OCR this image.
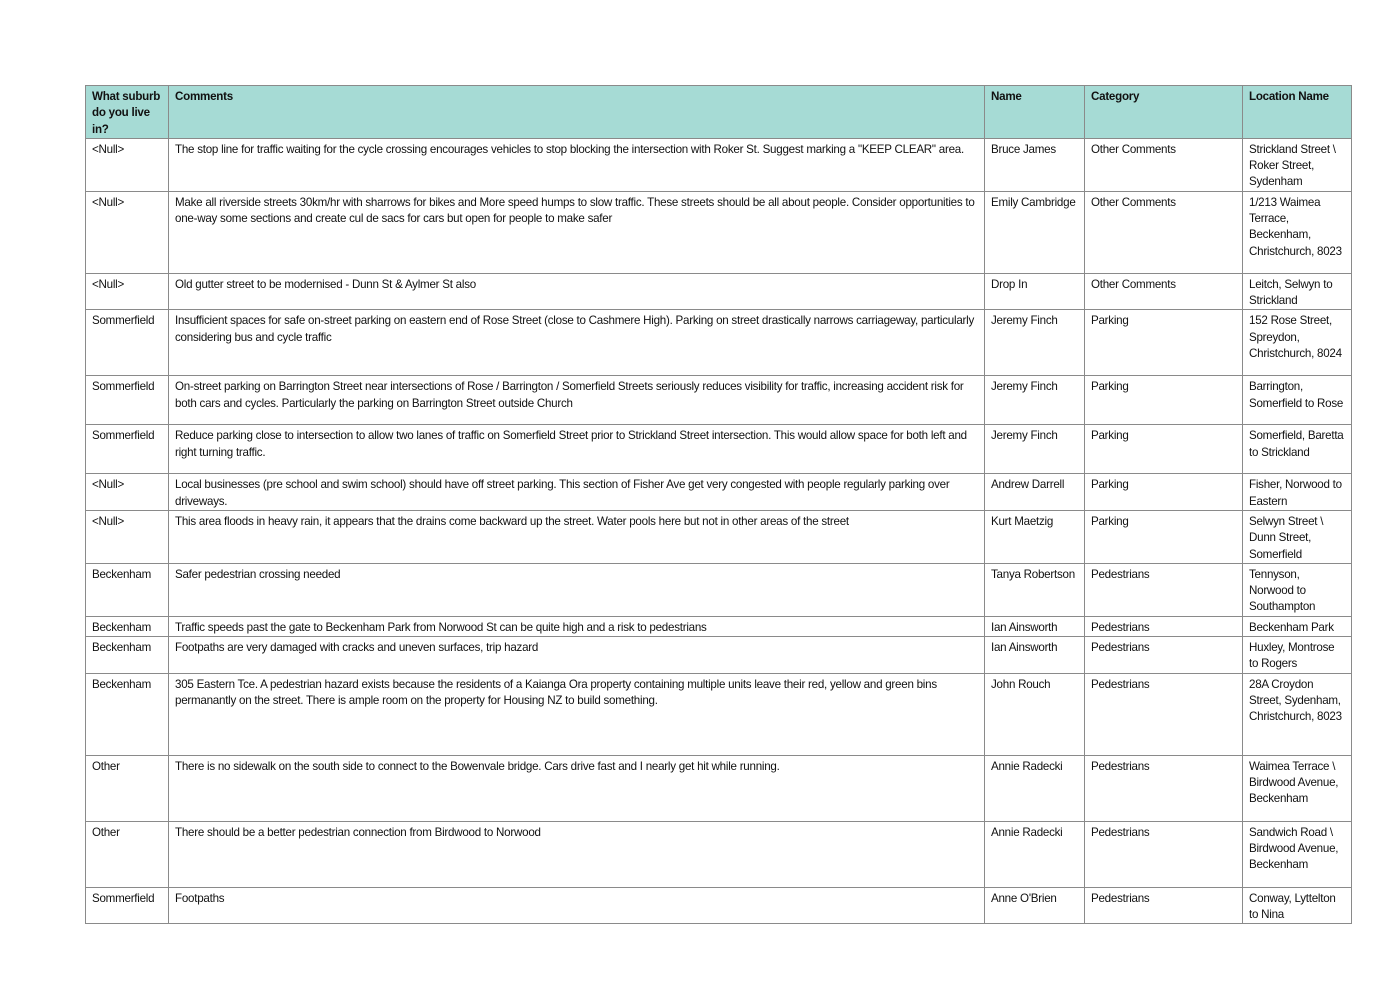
What suburb do you live in?	Comments	Name	Category	Location Name
<Null>	The stop line for traffic waiting for the cycle crossing encourages vehicles to stop blocking the intersection with Roker St. Suggest marking a "KEEP CLEAR" area.	Bruce James	Other Comments	Strickland Street \ Roker Street, Sydenham
<Null>	Make all riverside streets 30km/hr with sharrows for bikes and More speed humps to slow traffic. These streets should be all about people. Consider opportunities to one-way some sections and create cul de sacs for cars but open for people to make safer	Emily Cambridge	Other Comments	1/213 Waimea Terrace, Beckenham, Christchurch, 8023
<Null>	Old gutter street to be modernised - Dunn St & Aylmer St also	Drop In	Other Comments	Leitch, Selwyn to Strickland
Sommerfield	Insufficient spaces for safe on-street parking on eastern end of Rose Street (close to Cashmere High). Parking on street drastically narrows carriageway, particularly considering bus and cycle traffic	Jeremy Finch	Parking	152 Rose Street, Spreydon, Christchurch, 8024
Sommerfield	On-street parking on Barrington Street near intersections of Rose / Barrington / Somerfield Streets seriously reduces visibility for traffic, increasing accident risk for both cars and cycles. Particularly the parking on Barrington Street outside Church	Jeremy Finch	Parking	Barrington, Somerfield to Rose
Sommerfield	Reduce parking close to intersection to allow two lanes of traffic on Somerfield Street prior to Strickland Street intersection. This would allow space for both left and right turning traffic.	Jeremy Finch	Parking	Somerfield, Baretta to Strickland
<Null>	Local businesses (pre school and swim school) should have off street parking. This section of Fisher Ave get very congested with people regularly parking over driveways.	Andrew Darrell	Parking	Fisher, Norwood to Eastern
<Null>	This area floods in heavy rain, it appears that the drains come backward up the street. Water pools here but not in other areas of the street	Kurt Maetzig	Parking	Selwyn Street \ Dunn Street, Somerfield
Beckenham	Safer pedestrian crossing needed	Tanya Robertson	Pedestrians	Tennyson, Norwood to Southampton
Beckenham	Traffic speeds past the gate to Beckenham Park from Norwood St can be quite high and a risk to pedestrians	Ian Ainsworth	Pedestrians	Beckenham Park
Beckenham	Footpaths are very damaged with cracks and uneven surfaces, trip hazard	Ian Ainsworth	Pedestrians	Huxley, Montrose to Rogers
Beckenham	305 Eastern Tce. A pedestrian hazard exists because the residents of a Kaianga Ora property containing multiple units leave their red, yellow and green bins permanantly on the street. There is ample room on the property for Housing NZ to build something.	John Rouch	Pedestrians	28A Croydon Street, Sydenham, Christchurch, 8023
Other	There is no sidewalk on the south side to connect to the Bowenvale bridge. Cars drive fast and I nearly get hit while running.	Annie Radecki	Pedestrians	Waimea Terrace \ Birdwood Avenue, Beckenham
Other	There should be a better pedestrian connection from Birdwood to Norwood	Annie Radecki	Pedestrians	Sandwich Road \ Birdwood Avenue, Beckenham
Sommerfield	Footpaths	Anne O'Brien	Pedestrians	Conway, Lyttelton to Nina
